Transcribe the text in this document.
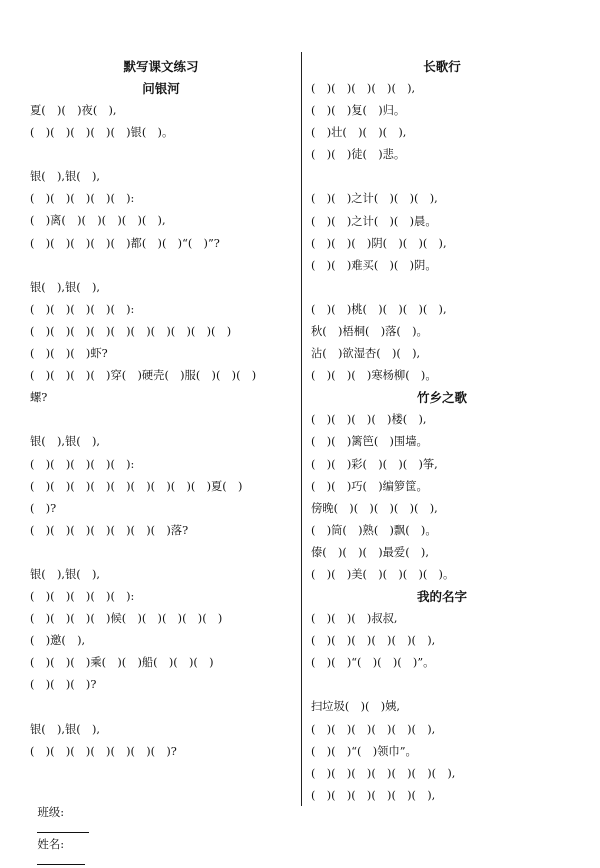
默写课文练习
问银河
夏(　)(　)夜(　),
(　)(　)(　)(　)(　)银(　)。
银(　),银(　),
(　)(　)(　)(　)(　):
(　)离(　)(　)(　)(　)(　),
(　)(　)(　)(　)(　)都(　)(　)“(　)”?
银(　),银(　),
(　)(　)(　)(　)(　):
(　)(　)(　)(　)(　)(　)(　)(　)(　)(　)
(　)(　)(　)虾?
(　)(　)(　)(　)穿(　)硬壳(　)服(　)(　)(　)
螺?
银(　),银(　),
(　)(　)(　)(　)(　):
(　)(　)(　)(　)(　)(　)(　)(　)(　)夏(　)
(　)?
(　)(　)(　)(　)(　)(　)(　)落?
银(　),银(　),
(　)(　)(　)(　)(　):
(　)(　)(　)(　)候(　)(　)(　)(　)(　)
(　)邀(　),
(　)(　)(　)乘(　)(　)船(　)(　)(　)
(　)(　)(　)?
银(　),银(　),
(　)(　)(　)(　)(　)(　)(　)?
长歌行
(　)(　)(　)(　)(　),
(　)(　)复(　)归。
(　)壮(　)(　)(　),
(　)(　)徒(　)悲。
(　)(　)之计(　)(　)(　),
(　)(　)之计(　)(　)晨。
(　)(　)(　)阴(　)(　)(　),
(　)(　)难买(　)(　)阴。
(　)(　)桃(　)(　)(　)(　),
秋(　)梧桐(　)落(　)。
沾(　)欲湿杏(　)(　),
(　)(　)(　)寒杨柳(　)。
竹乡之歌
(　)(　)(　)(　)楼(　),
(　)(　)篱笆(　)围墙。
(　)(　)彩(　)(　)(　)筝,
(　)(　)巧(　)编箩筐。
傍晚(　)(　)(　)(　)(　),
(　)筒(　)熟(　)飘(　)。
傣(　)(　)(　)最爱(　),
(　)(　)美(　)(　)(　)(　)。
我的名字
(　)(　)(　)叔叔,
(　)(　)(　)(　)(　)(　),
(　)(　)“(　)(　)(　)”。
扫垃圾(　)(　)姨,
(　)(　)(　)(　)(　)(　),
(　)(　)“(　)领巾”。
(　)(　)(　)(　)(　)(　)(　),
(　)(　)(　)(　)(　)(　),

班级:

姓名:
